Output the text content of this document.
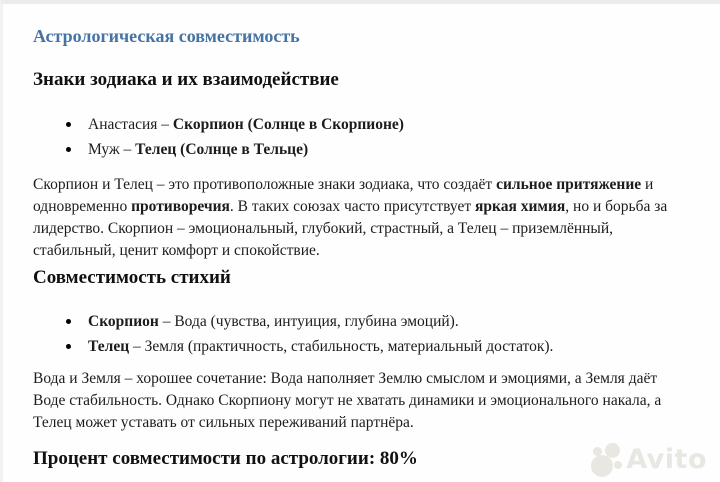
Астрологическая совместимость
Знаки зодиака и их взаимодействие
Анастасия – Скорпион (Солнце в Скорпионе)
Муж – Телец (Солнце в Тельце)

Скорпион и Телец – это противоположные знаки зодиака, что создаёт сильное притяжение и одновременно противоречия. В таких союзах часто присутствует яркая химия, но и борьба за лидерство. Скорпион – эмоциональный, глубокий, страстный, а Телец – приземлённый, стабильный, ценит комфорт и спокойствие.

Совместимость стихий
Скорпион – Вода (чувства, интуиция, глубина эмоций).
Телец – Земля (практичность, стабильность, материальный достаток).

Вода и Земля – хорошее сочетание: Вода наполняет Землю смыслом и эмоциями, а Земля даёт Воде стабильность. Однако Скорпиону могут не хватать динамики и эмоционального накала, а Телец может уставать от сильных переживаний партнёра.

Процент совместимости по астрологии: 80%	Avito
